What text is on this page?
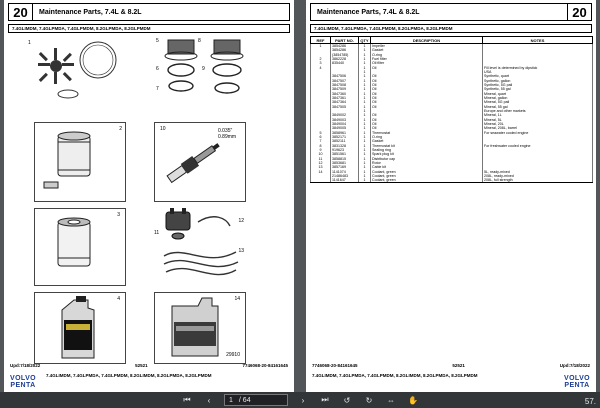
20	Maintenance Parts, 7.4L & 8.2L
7.4GLIMDM, 7.4GLPMDA, 7.4GLPMDM, 8.2GLPMDA, 8.2GLPMDM
1	5	8
6	9
7
2	10	0.035"
0.89mm
3
11
12
13
4	14
29910
Upd:7/18/2022	52521	7746068-20-84161645
7.4GLIMDM, 7.4GLPMDA, 7.4GLPMDM, 8.2GLIMDM, 8.2GLPMDA, 8.2GLPMDM
VOLVO
PENTA
20
Maintenance Parts, 7.4L & 8.2L
7.4GLIMDM, 7.4GLPMDA, 7.4GLPMDM, 8.2GLPMDA, 8.2GLPMDM
REF	PART NO.	QTY	DESCRIPTION	NOTES
1	3854286	1	Impeller	
	3854286	1	Gasket	
	(3854785)	1	O-ring	
2	3862228	1	Fuel filter	
3	835440	1	Oil filter	
4		1	Oil	Fill level is determined by dipstick
		1		USA
	3847506	1	Oil	Synthetic, quart
	3847507	1	Oil	Synthetic, gallon
	3847508	1	Oil	Synthetic, 5G pail
	3847509	1	Oil	Synthetic, 55 gal
	3847360	1	Oil	Mineral, quart
	3847361	1	Oil	Mineral, gallon
	3847364	1	Oil	Mineral, 5G pail
	3847505	1	Oil	Mineral, 55 gal
		1		Europe and other markets
	3849002	1	Oil	Mineral, 1L
	3849003	1	Oil	Mineral, 5L
	3849004	1	Oil	Mineral, 20L
	3849005	1	Oil	Mineral, 208L, barrel
5	3858961	1	Thermostat	For seawater cooled engine
6	3852171	1	O-ring	
7	3852111	1	Gasket	
8	3831328	1	Thermostat kit	For freshwater cooled engine
9	919623	1	Sealing ring	
10	3851561	1	Spark plug kit	
11	3858815	1	Distributor cap	
12	3853681	1	Rotor	
13	3857169	1	Cable kit	
14	1141074	1	Coolant, green	5L, ready-mixed
	21486483	1	Coolant, green	208L, ready-mixed
	1141647	1	Coolant, green	208L, full strength
7746068-20-84161645	52521	Upd:7/18/2022
7.4GLIMDM, 7.4GLPMDA, 7.4GLPMDM, 8.2GLIMDM, 8.2GLPMDA, 8.2GLPMDM	VOLVO
PENTA
⏮	‹	1 / 64	›	⏭	↺	↻	⇔	✋	57.
